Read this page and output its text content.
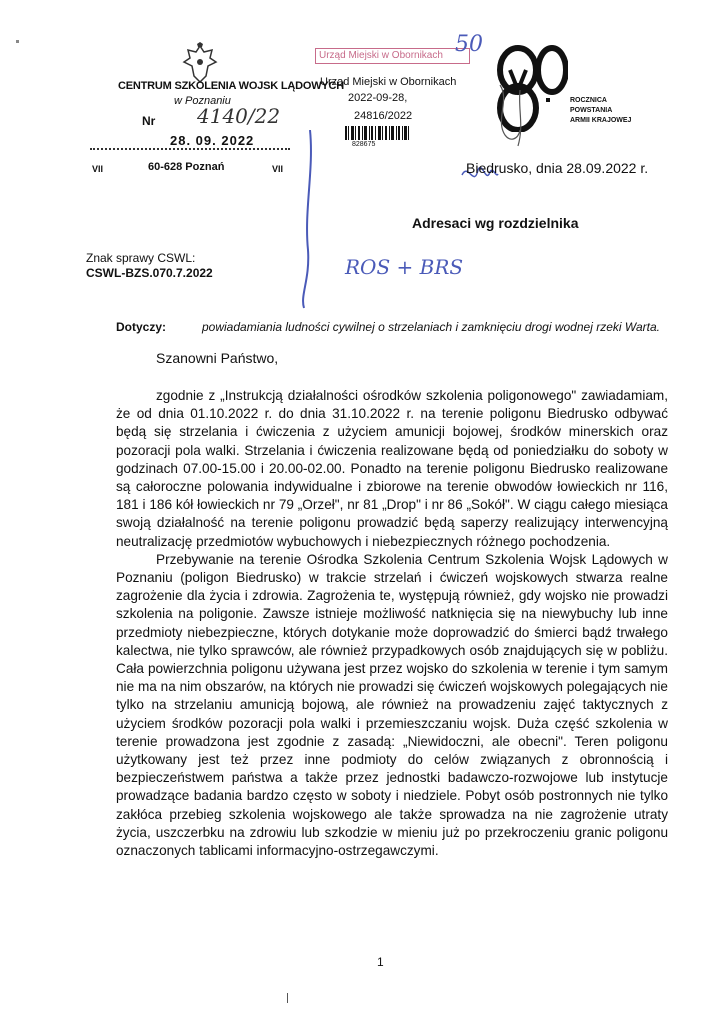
CENTRUM SZKOLENIA WOJSK LĄDOWYCH
w Poznaniu
Nr 4140/22
28. 09. 2022
VII	60-628 Poznań	VII
Urząd Miejski w Obornikach
Urząd Miejski w Obornikach
2022-09-28,
24816/2022
828675
50
ROCZNICA
POWSTANIA
ARMII KRAJOWEJ
Biedrusko, dnia 28.09.2022 r.
Adresaci wg rozdzielnika
Znak sprawy CSWL:
CSWL-BZS.070.7.2022	ROS + BRS
Dotyczy:	powiadamiania ludności cywilnej o strzelaniach i zamknięciu drogi wodnej rzeki Warta.
Szanowni Państwo,

zgodnie z „Instrukcją działalności ośrodków szkolenia poligonowego" zawiadamiam, że od dnia 01.10.2022 r. do dnia 31.10.2022 r. na terenie poligonu Biedrusko odbywać będą się strzelania i ćwiczenia z użyciem amunicji bojowej, środków minerskich oraz pozoracji pola walki. Strzelania i ćwiczenia realizowane będą od poniedziałku do soboty w godzinach 07.00-15.00 i 20.00-02.00. Ponadto na terenie poligonu Biedrusko realizowane są całoroczne polowania indywidualne i zbiorowe na terenie obwodów łowieckich nr 116, 181 i 186 kół łowieckich nr 79 „Orzeł", nr 81 „Drop" i nr 86 „Sokół". W ciągu całego miesiąca swoją działalność na terenie poligonu prowadzić będą saperzy realizujący interwencyjną neutralizację przedmiotów wybuchowych i niebezpiecznych różnego pochodzenia.

Przebywanie na terenie Ośrodka Szkolenia Centrum Szkolenia Wojsk Lądowych w Poznaniu (poligon Biedrusko) w trakcie strzelań i ćwiczeń wojskowych stwarza realne zagrożenie dla życia i zdrowia. Zagrożenia te, występują również, gdy wojsko nie prowadzi szkolenia na poligonie. Zawsze istnieje możliwość natknięcia się na niewybuchy lub inne przedmioty niebezpieczne, których dotykanie może doprowadzić do śmierci bądź trwałego kalectwa, nie tylko sprawców, ale również przypadkowych osób znajdujących się w pobliżu. Cała powierzchnia poligonu używana jest przez wojsko do szkolenia w terenie i tym samym nie ma na nim obszarów, na których nie prowadzi się ćwiczeń wojskowych polegających nie tylko na strzelaniu amunicją bojową, ale również na prowadzeniu zajęć taktycznych z użyciem środków pozoracji pola walki i przemieszczaniu wojsk. Duża część szkolenia w terenie prowadzona jest zgodnie z zasadą: „Niewidoczni, ale obecni". Teren poligonu użytkowany jest też przez inne podmioty do celów związanych z obronnością i bezpieczeństwem państwa a także przez jednostki badawczo-rozwojowe lub instytucje prowadzące badania bardzo często w soboty i niedziele. Pobyt osób postronnych nie tylko zakłóca przebieg szkolenia wojskowego ale także sprowadza na nie zagrożenie utraty życia, uszczerbku na zdrowiu lub szkodzie w mieniu już po przekroczeniu granic poligonu oznaczonych tablicami informacyjno-ostrzegawczymi.

1
